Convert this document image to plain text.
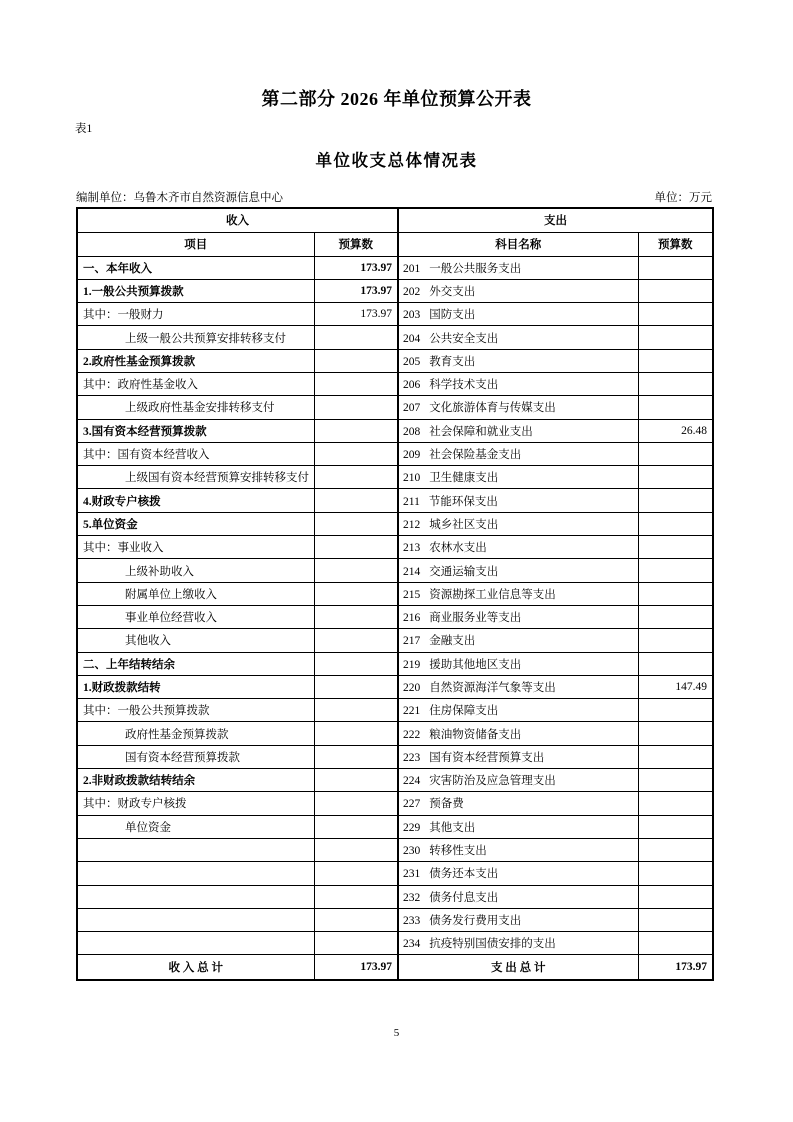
第二部分 2026 年单位预算公开表
表1
单位收支总体情况表
编制单位：乌鲁木齐市自然资源信息中心	单位：万元
收入		支出	
项目	预算数	科目名称	预算数
一、本年收入	173.97	201 一般公共服务支出	
1.一般公共预算拨款	173.97	202 外交支出	
其中：一般财力	173.97	203 国防支出	
上级一般公共预算安排转移支付		204 公共安全支出	
2.政府性基金预算拨款		205 教育支出	
其中：政府性基金收入		206 科学技术支出	
上级政府性基金安排转移支付		207 文化旅游体育与传媒支出	
3.国有资本经营预算拨款		208 社会保障和就业支出	26.48
其中：国有资本经营收入		209 社会保险基金支出	
上级国有资本经营预算安排转移支付		210 卫生健康支出	
4.财政专户核拨		211 节能环保支出	
5.单位资金		212 城乡社区支出	
其中：事业收入		213 农林水支出	
上级补助收入		214 交通运输支出	
附属单位上缴收入		215 资源勘探工业信息等支出	
事业单位经营收入		216 商业服务业等支出	
其他收入		217 金融支出	
二、上年结转结余		219 援助其他地区支出	
1.财政拨款结转		220 自然资源海洋气象等支出	147.49
其中：一般公共预算拨款		221 住房保障支出	
政府性基金预算拨款		222 粮油物资储备支出	
国有资本经营预算拨款		223 国有资本经营预算支出	
2.非财政拨款结转结余		224 灾害防治及应急管理支出	
其中：财政专户核拨		227 预备费	
单位资金		229 其他支出	
		230 转移性支出	
		231 债务还本支出	
		232 债务付息支出	
		233 债务发行费用支出	
		234 抗疫特别国债安排的支出	
收 入 总 计	173.97	支 出 总 计	173.97
5
